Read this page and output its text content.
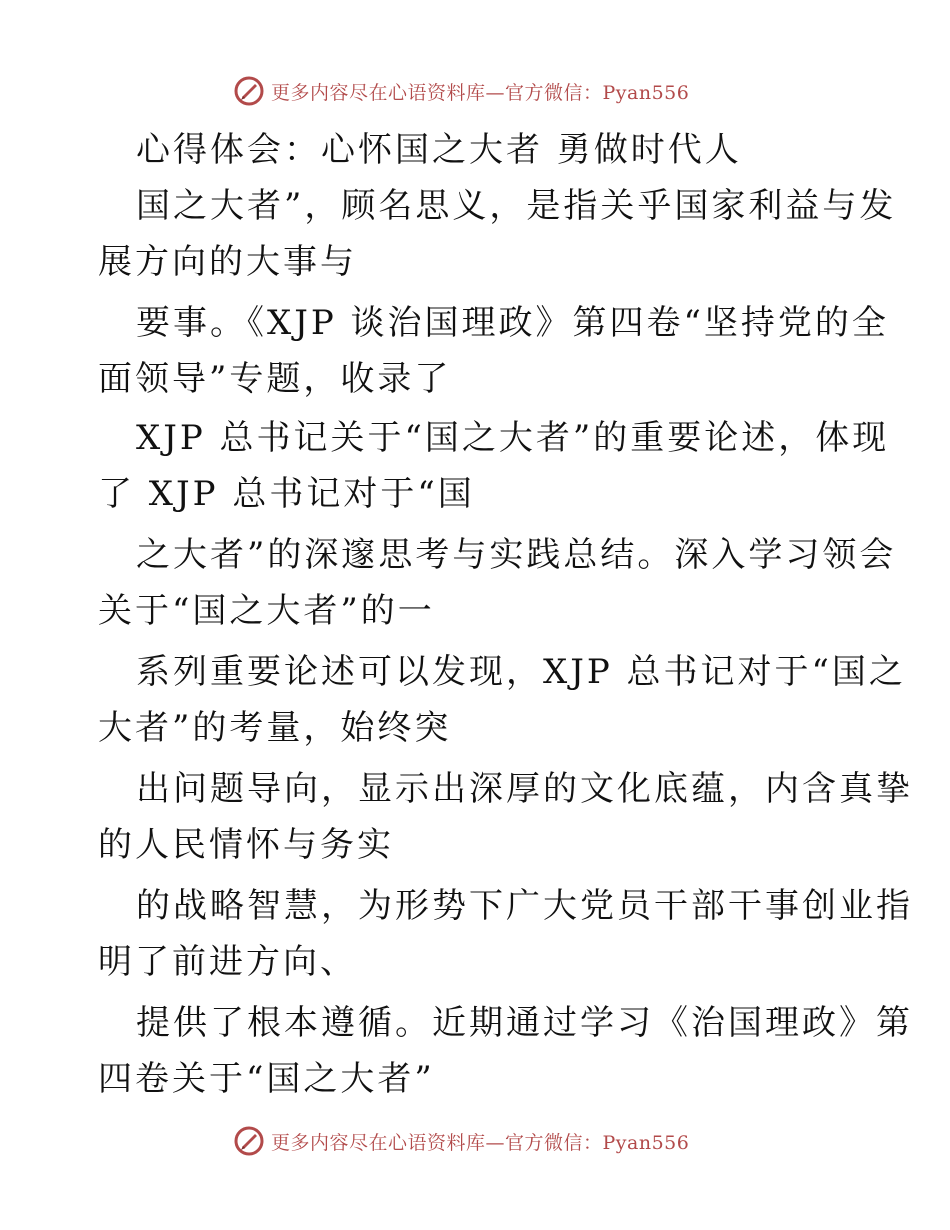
更多内容尽在心语资料库—官方微信：Pyan556
心得体会：心怀国之大者 勇做时代人
国之大者”，顾名思义，是指关乎国家利益与发
展方向的大事与
要事。《XJP 谈治国理政》第四卷“坚持党的全
面领导”专题，收录了
XJP 总书记关于“国之大者”的重要论述，体现
了 XJP 总书记对于“国
之大者”的深邃思考与实践总结。深入学习领会
关于“国之大者”的一
系列重要论述可以发现，XJP 总书记对于“国之
大者”的考量，始终突
出问题导向，显示出深厚的文化底蕴，内含真挚
的人民情怀与务实
的战略智慧，为形势下广大党员干部干事创业指
明了前进方向、
提供了根本遵循。近期通过学习《治国理政》第
四卷关于“国之大者”
更多内容尽在心语资料库—官方微信：Pyan556
